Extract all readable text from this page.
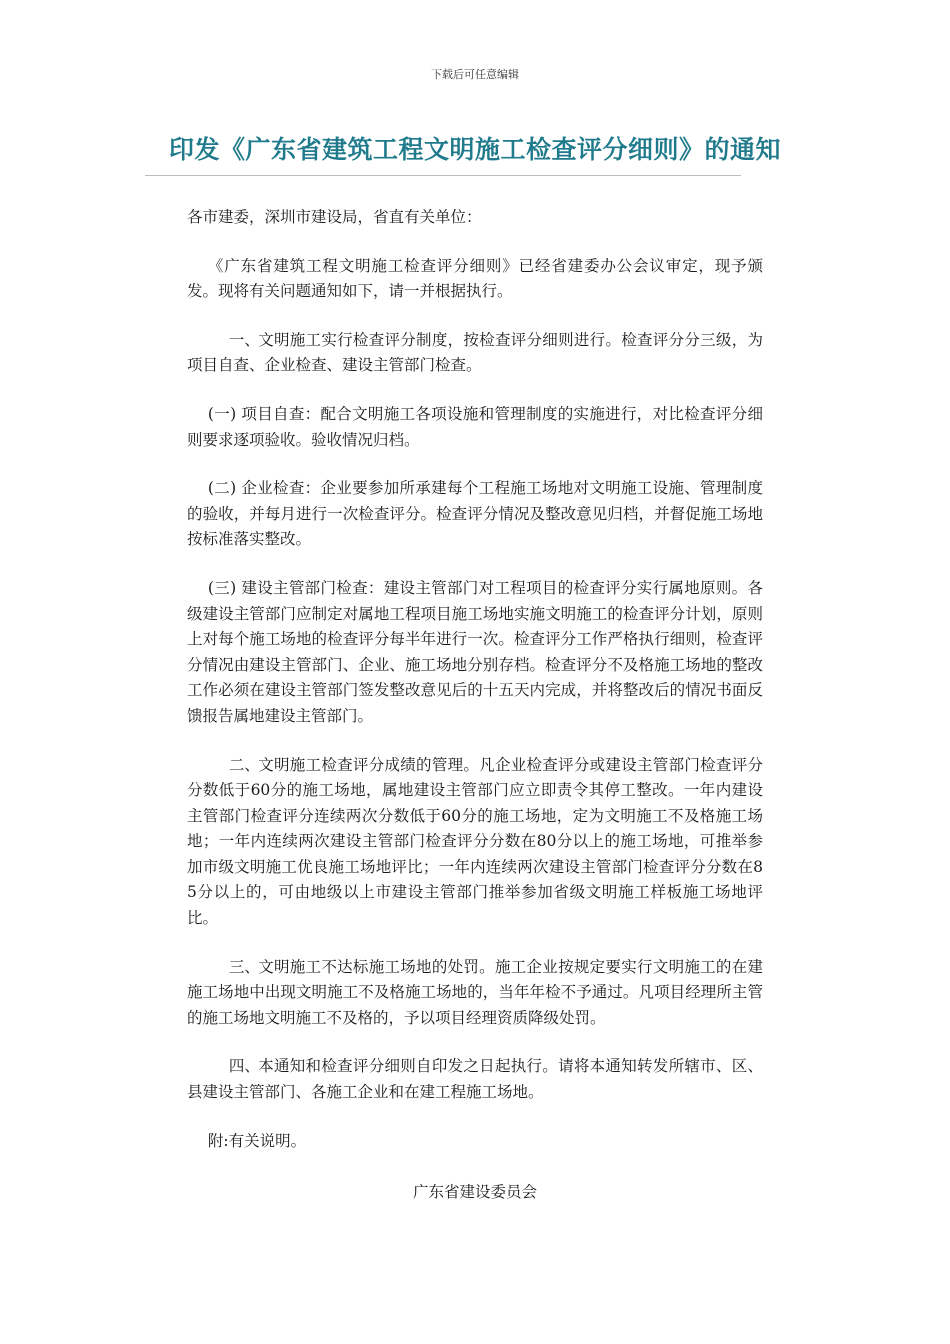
下载后可任意编辑
印发《广东省建筑工程文明施工检查评分细则》的通知

各市建委，深圳市建设局，省直有关单位：

《广东省建筑工程文明施工检查评分细则》已经省建委办公会议审定，现予颁发。现将有关问题通知如下，请一并根据执行。

一、文明施工实行检查评分制度，按检查评分细则进行。检查评分分三级，为项目自查、企业检查、建设主管部门检查。

(一) 项目自查：配合文明施工各项设施和管理制度的实施进行，对比检查评分细则要求逐项验收。验收情况归档。

(二) 企业检查：企业要参加所承建每个工程施工场地对文明施工设施、管理制度的验收，并每月进行一次检查评分。检查评分情况及整改意见归档，并督促施工场地按标准落实整改。

(三) 建设主管部门检查：建设主管部门对工程项目的检查评分实行属地原则。各级建设主管部门应制定对属地工程项目施工场地实施文明施工的检查评分计划，原则上对每个施工场地的检查评分每半年进行一次。检查评分工作严格执行细则，检查评分情况由建设主管部门、企业、施工场地分别存档。检查评分不及格施工场地的整改工作必须在建设主管部门签发整改意见后的十五天内完成，并将整改后的情况书面反馈报告属地建设主管部门。

二、文明施工检查评分成绩的管理。凡企业检查评分或建设主管部门检查评分分数低于60分的施工场地，属地建设主管部门应立即责令其停工整改。一年内建设主管部门检查评分连续两次分数低于60分的施工场地，定为文明施工不及格施工场地；一年内连续两次建设主管部门检查评分分数在80分以上的施工场地，可推举参加市级文明施工优良施工场地评比；一年内连续两次建设主管部门检查评分分数在85分以上的，可由地级以上市建设主管部门推举参加省级文明施工样板施工场地评比。

三、文明施工不达标施工场地的处罚。施工企业按规定要实行文明施工的在建施工场地中出现文明施工不及格施工场地的，当年年检不予通过。凡项目经理所主管的施工场地文明施工不及格的，予以项目经理资质降级处罚。

四、本通知和检查评分细则自印发之日起执行。请将本通知转发所辖市、区、县建设主管部门、各施工企业和在建工程施工场地。

附:有关说明。

广东省建设委员会
